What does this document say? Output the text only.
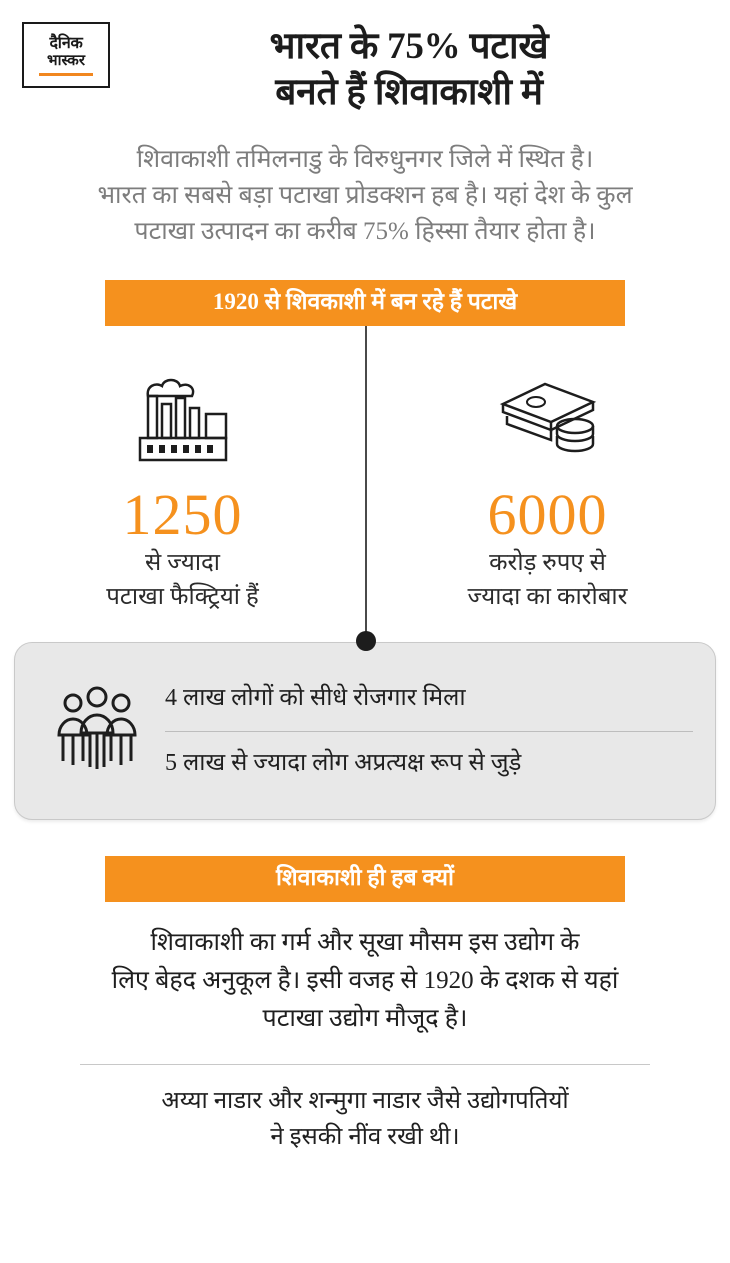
दैनिक
भास्कर	भारत के 75% पटाखे
बनते हैं शिवाकाशी में
शिवाकाशी तमिलनाडु के विरुधुनगर जिले में स्थित है।
भारत का सबसे बड़ा पटाखा प्रोडक्शन हब है। यहां देश के कुल
पटाखा उत्पादन का करीब 75% हिस्सा तैयार होता है।
1920 से शिवकाशी में बन रहे हैं पटाखे
1250
से ज्यादा
पटाखा फैक्ट्रियां हैं
6000
करोड़ रुपए से
ज्यादा का कारोबार
4 लाख लोगों को सीधे रोजगार मिला
5 लाख से ज्यादा लोग अप्रत्यक्ष रूप से जुड़े
शिवाकाशी ही हब क्यों
शिवाकाशी का गर्म और सूखा मौसम इस उद्योग के
लिए बेहद अनुकूल है। इसी वजह से 1920 के दशक से यहां
पटाखा उद्योग मौजूद है।
अय्या नाडार और शन्मुगा नाडार जैसे उद्योगपतियों
ने इसकी नींव रखी थी।
